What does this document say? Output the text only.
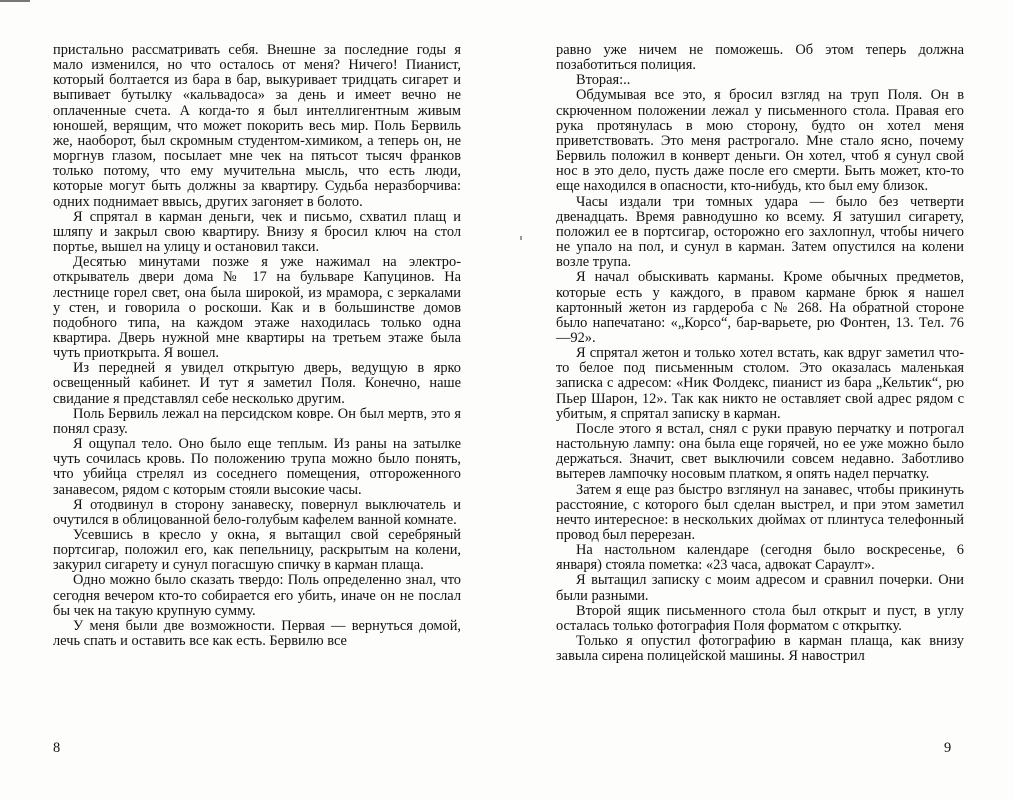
пристально рассматривать себя. Внешне за последние годы я мало изменился, но что осталось от меня? Ничего! Пианист, который болтается из бара в бар, выкуривает тридцать сигарет и выпивает бутылку «кальвадоса» за день и имеет вечно не оплаченные счета. А когда-то я был интеллигентным живым юношей, верящим, что может покорить весь мир. Поль Бервиль же, наоборот, был скромным студентом-химиком, а теперь он, не моргнув глазом, посылает мне чек на пятьсот тысяч франков только потому, что ему мучительна мысль, что есть люди, которые могут быть должны за квартиру. Судьба неразборчива: одних поднимает ввысь, других загоняет в болото.

Я спрятал в карман деньги, чек и письмо, схватил плащ и шляпу и закрыл свою квартиру. Внизу я бросил ключ на стол портье, вышел на улицу и остановил такси.

Десятью минутами позже я уже нажимал на электрооткрыватель двери дома № 17 на бульваре Капуцинов. На лестнице горел свет, она была широкой, из мрамора, с зеркалами у стен, и говорила о роскоши. Как и в большинстве домов подобного типа, на каждом этаже находилась только одна квартира. Дверь нужной мне квартиры на третьем этаже была чуть приоткрыта. Я вошел.

Из передней я увидел открытую дверь, ведущую в ярко освещенный кабинет. И тут я заметил Поля. Конечно, наше свидание я представлял себе несколько другим.

Поль Бервиль лежал на персидском ковре. Он был мертв, это я понял сразу.

Я ощупал тело. Оно было еще теплым. Из раны на затылке чуть сочилась кровь. По положению трупа можно было понять, что убийца стрелял из соседнего помещения, отгороженного занавесом, рядом с которым стояли высокие часы.

Я отодвинул в сторону занавеску, повернул выключатель и очутился в облицованной бело-голубым кафелем ванной комнате.

Усевшись в кресло у окна, я вытащил свой серебряный портсигар, положил его, как пепельницу, раскрытым на колени, закурил сигарету и сунул погасшую спичку в карман плаща.

Одно можно было сказать твердо: Поль определенно знал, что сегодня вечером кто-то собирается его убить, иначе он не послал бы чек на такую крупную сумму.

У меня были две возможности. Первая — вернуться домой, лечь спать и оставить все как есть. Бервилю все

равно уже ничем не поможешь. Об этом теперь должна позаботиться полиция.

Вторая:..

Обдумывая все это, я бросил взгляд на труп Поля. Он в скрюченном положении лежал у письменного стола. Правая его рука протянулась в мою сторону, будто он хотел меня приветствовать. Это меня растрогало. Мне стало ясно, почему Бервиль положил в конверт деньги. Он хотел, чтоб я сунул свой нос в это дело, пусть даже после его смерти. Быть может, кто-то еще находился в опасности, кто-нибудь, кто был ему близок.

Часы издали три томных удара — было без четверти двенадцать. Время равнодушно ко всему. Я затушил сигарету, положил ее в портсигар, осторожно его захлопнул, чтобы ничего не упало на пол, и сунул в карман. Затем опустился на колени возле трупа.

Я начал обыскивать карманы. Кроме обычных предметов, которые есть у каждого, в правом кармане брюк я нашел картонный жетон из гардероба с № 268. На обратной стороне было напечатано: «„Корсо“, бар-варьете, рю Фонтен, 13. Тел. 76—92».

Я спрятал жетон и только хотел встать, как вдруг заметил что-то белое под письменным столом. Это оказалась маленькая записка с адресом: «Ник Фолдекс, пианист из бара „Кельтик“, рю Пьер Шарон, 12». Так как никто не оставляет свой адрес рядом с убитым, я спрятал записку в карман.

После этого я встал, снял с руки правую перчатку и потрогал настольную лампу: она была еще горячей, но ее уже можно было держаться. Значит, свет выключили совсем недавно. Заботливо вытерев лампочку носовым платком, я опять надел перчатку.

Затем я еще раз быстро взглянул на занавес, чтобы прикинуть расстояние, с которого был сделан выстрел, и при этом заметил нечто интересное: в нескольких дюймах от плинтуса телефонный провод был перерезан.

На настольном календаре (сегодня было воскресенье, 6 января) стояла пометка: «23 часа, адвокат Сараулт».

Я вытащил записку с моим адресом и сравнил почерки. Они были разными.

Второй ящик письменного стола был открыт и пуст, в углу осталась только фотография Поля форматом с открытку.

Только я опустил фотографию в карман плаща, как внизу завыла сирена полицейской машины. Я навострил

8	9
